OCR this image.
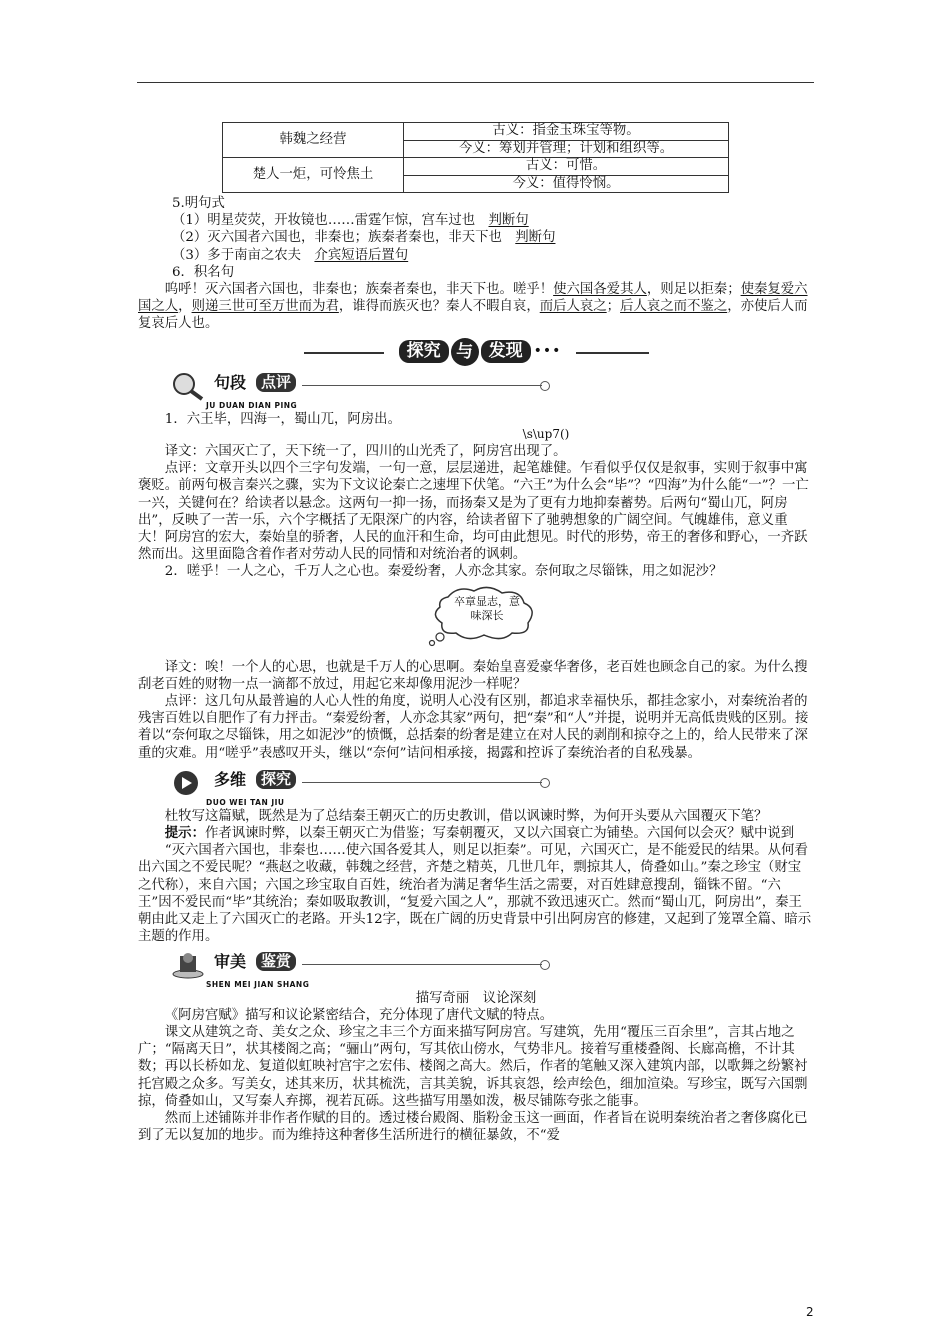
韩魏之经营	古义：指金玉珠宝等物。
	今义：筹划并管理；计划和组织等。
楚人一炬，可怜焦土	古义：可惜。
	今义：值得怜悯。

5.明句式

（1）明星荧荧，开妆镜也……雷霆乍惊，宫车过也　 判断句

（2）灭六国者六国也，非秦也；族秦者秦也，非天下也　 判断句

（3）多于南亩之农夫　 介宾短语后置句

6．积名句

呜呼！灭六国者六国也，非秦也；族秦者秦也，非天下也。嗟乎！使六国各爱其人，则足以拒秦；使秦复爱六国之人，则递三世可至万世而为君，谁得而族灭也？秦人不暇自哀，而后人哀之；后人哀之而不鉴之，亦使后人而复哀后人也。

探究 与 发现 •••
句段 点评
JU DUAN DIAN PING

1．六王毕，四海一，蜀山兀，阿房出。

\s\up7()

译文：六国灭亡了，天下统一了，四川的山光秃了，阿房宫出现了。

点评：文章开头以四个三字句发端，一句一意，层层递进，起笔雄健。乍看似乎仅仅是叙事，实则于叙事中寓褒贬。前两句极言秦兴之骤，实为下文议论秦亡之速埋下伏笔。“六王”为什么会“毕”？“四海”为什么能“一”？一亡一兴，关键何在？给读者以悬念。这两句一抑一扬，而扬秦又是为了更有力地抑秦蓄势。后两句“蜀山兀，阿房出”，反映了一苦一乐，六个字概括了无限深广的内容，给读者留下了驰骋想象的广阔空间。气魄雄伟，意义重大！阿房宫的宏大，秦始皇的骄奢，人民的血汗和生命，均可由此想见。时代的形势，帝王的奢侈和野心，一齐跃然而出。这里面隐含着作者对劳动人民的同情和对统治者的讽刺。

2．嗟乎！一人之心，千万人之心也。秦爱纷奢，人亦念其家。奈何取之尽锱铢，用之如泥沙？

卒章显志，意味深长

译文：唉！一个人的心思，也就是千万人的心思啊。秦始皇喜爱豪华奢侈，老百姓也顾念自己的家。为什么搜刮老百姓的财物一点一滴都不放过，用起它来却像用泥沙一样呢？

点评：这几句从最普遍的人心人性的角度，说明人心没有区别，都追求幸福快乐，都挂念家小，对秦统治者的残害百姓以自肥作了有力抨击。“秦爱纷奢，人亦念其家”两句，把“秦”和“人”并提，说明并无高低贵贱的区别。接着以“奈何取之尽锱铢，用之如泥沙”的愤慨，总括秦的纷奢是建立在对人民的剥削和掠夺之上的，给人民带来了深重的灾难。用“嗟乎”表感叹开头，继以“奈何”诘问相承接，揭露和控诉了秦统治者的自私残暴。

多维 探究
DUO WEI TAN JIU

杜牧写这篇赋，既然是为了总结秦王朝灭亡的历史教训，借以讽谏时弊，为何开头要从六国覆灭下笔？

提示：作者讽谏时弊，以秦王朝灭亡为借鉴；写秦朝覆灭，又以六国衰亡为铺垫。六国何以会灭？赋中说到

“灭六国者六国也，非秦也……使六国各爱其人，则足以拒秦”。可见，六国灭亡，是不能爱民的结果。从何看出六国之不爱民呢？“燕赵之收藏，韩魏之经营，齐楚之精英，几世几年，剽掠其人，倚叠如山。”秦之珍宝（财宝之代称），来自六国；六国之珍宝取自百姓，统治者为满足奢华生活之需要，对百姓肆意搜刮，锱铢不留。“六王”因不爱民而“毕”其统治；秦如吸取教训，“复爱六国之人”，那就不致迅速灭亡。然而“蜀山兀，阿房出”，秦王朝由此又走上了六国灭亡的老路。开头12字，既在广阔的历史背景中引出阿房宫的修建，又起到了笼罩全篇、暗示主题的作用。

审美 鉴赏
SHEN MEI JIAN SHANG

描写奇丽　议论深刻

《阿房宫赋》描写和议论紧密结合，充分体现了唐代文赋的特点。

课文从建筑之奇、美女之众、珍宝之丰三个方面来描写阿房宫。写建筑，先用“覆压三百余里”，言其占地之广；“隔离天日”，状其楼阁之高；“骊山”两句，写其依山傍水，气势非凡。接着写重楼叠阁、长廊高檐，不计其数；再以长桥如龙、复道似虹映衬宫宇之宏伟、楼阁之高大。然后，作者的笔触又深入建筑内部，以歌舞之纷繁衬托宫殿之众多。写美女，述其来历，状其梳洗，言其美貌，诉其哀怨，绘声绘色，细加渲染。写珍宝，既写六国剽掠，倚叠如山，又写秦人弃掷，视若瓦砾。这些描写用墨如泼，极尽铺陈夸张之能事。

然而上述铺陈并非作者作赋的目的。透过楼台殿阁、脂粉金玉这一画面，作者旨在说明秦统治者之奢侈腐化已到了无以复加的地步。而为维持这种奢侈生活所进行的横征暴敛，不“爱

2
